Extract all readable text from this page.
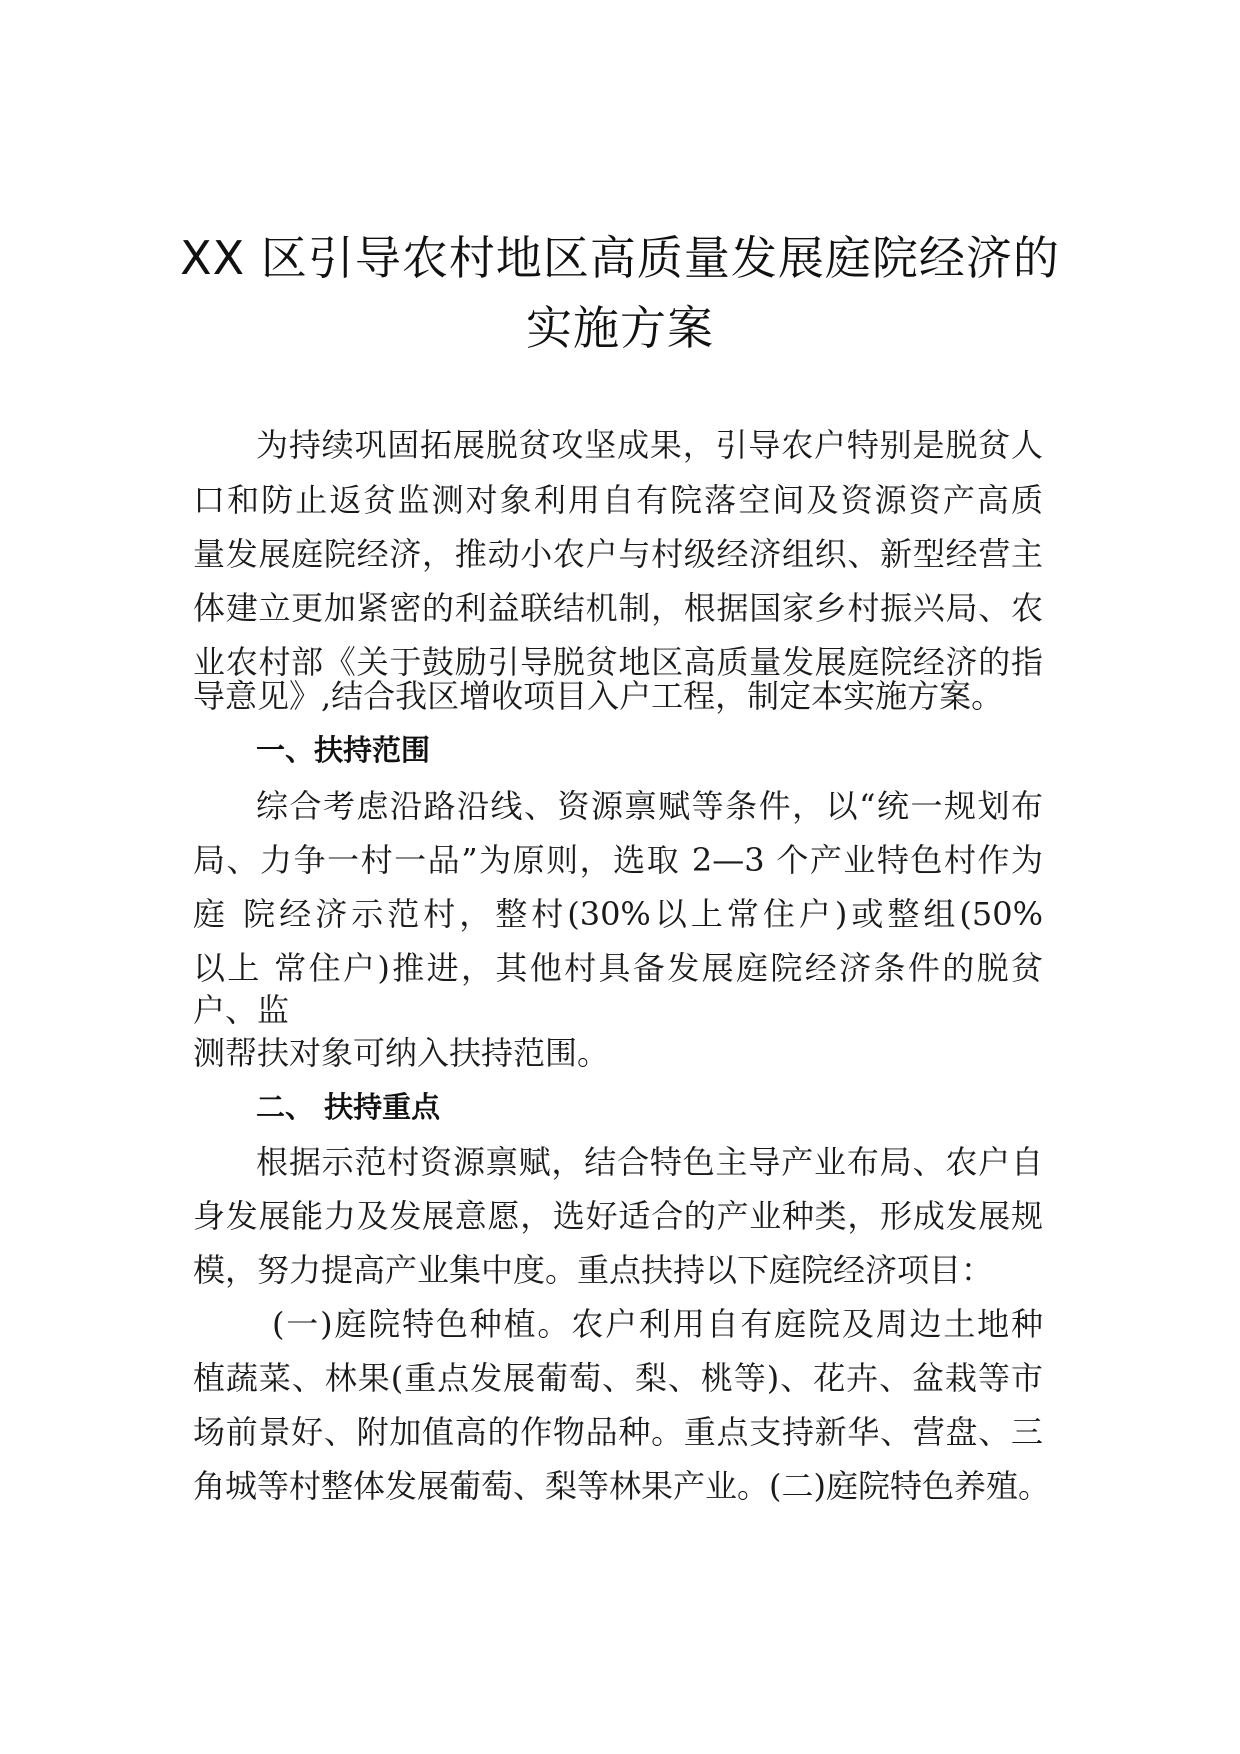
XX 区引导农村地区高质量发展庭院经济的
实施方案
为持续巩固拓展脱贫攻坚成果，引导农户特别是脱贫人
口和防止返贫监测对象利用自有院落空间及资源资产高质
量发展庭院经济，推动小农户与村级经济组织、新型经营主
体建立更加紧密的利益联结机制，根据国家乡村振兴局、农
业农村部《关于鼓励引导脱贫地区高质量发展庭院经济的指
导意见》,结合我区增收项目入户工程，制定本实施方案。
一、扶持范围
综合考虑沿路沿线、资源禀赋等条件，以“统一规划布
局、力争一村一品”为原则，选取 2—3 个产业特色村作为
庭 院经济示范村，整村(30%以上常住户)或整组(50%
以上 常住户)推进，其他村具备发展庭院经济条件的脱贫
户、监
测帮扶对象可纳入扶持范围。
二、 扶持重点
根据示范村资源禀赋，结合特色主导产业布局、农户自
身发展能力及发展意愿，选好适合的产业种类，形成发展规
模，努力提高产业集中度。重点扶持以下庭院经济项目：
(一)庭院特色种植。农户利用自有庭院及周边土地种
植蔬菜、林果(重点发展葡萄、梨、桃等)、花卉、盆栽等市
场前景好、附加值高的作物品种。重点支持新华、营盘、三
角城等村整体发展葡萄、梨等林果产业。(二)庭院特色养殖。
